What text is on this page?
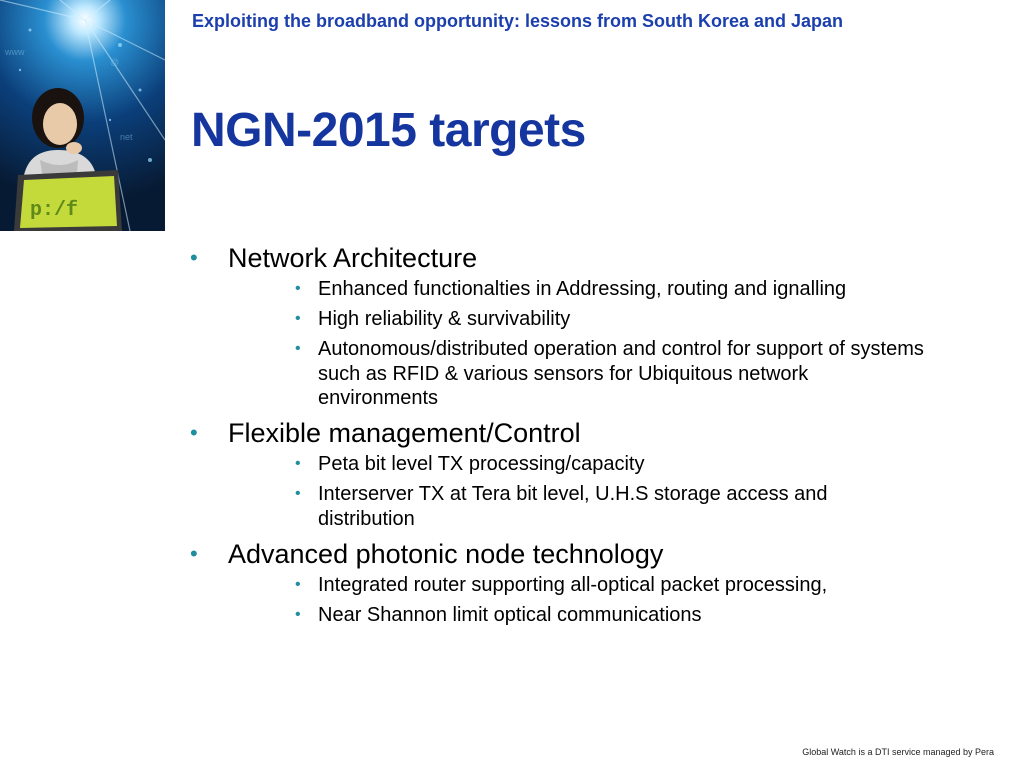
@
www
net
p:/f
Exploiting the broadband opportunity: lessons from South Korea and Japan
NGN-2015 targets
• Network Architecture
• Enhanced functionalties in Addressing, routing and ignalling
• High reliability & survivability
• Autonomous/distributed operation and control for support of systems such as RFID & various sensors for Ubiquitous network environments
• Flexible management/Control
• Peta bit level TX processing/capacity
• Interserver TX at Tera bit level, U.H.S storage access and distribution
• Advanced photonic node technology
• Integrated router supporting all-optical packet processing,
• Near Shannon limit optical communications
Global Watch is a DTI service managed by Pera
